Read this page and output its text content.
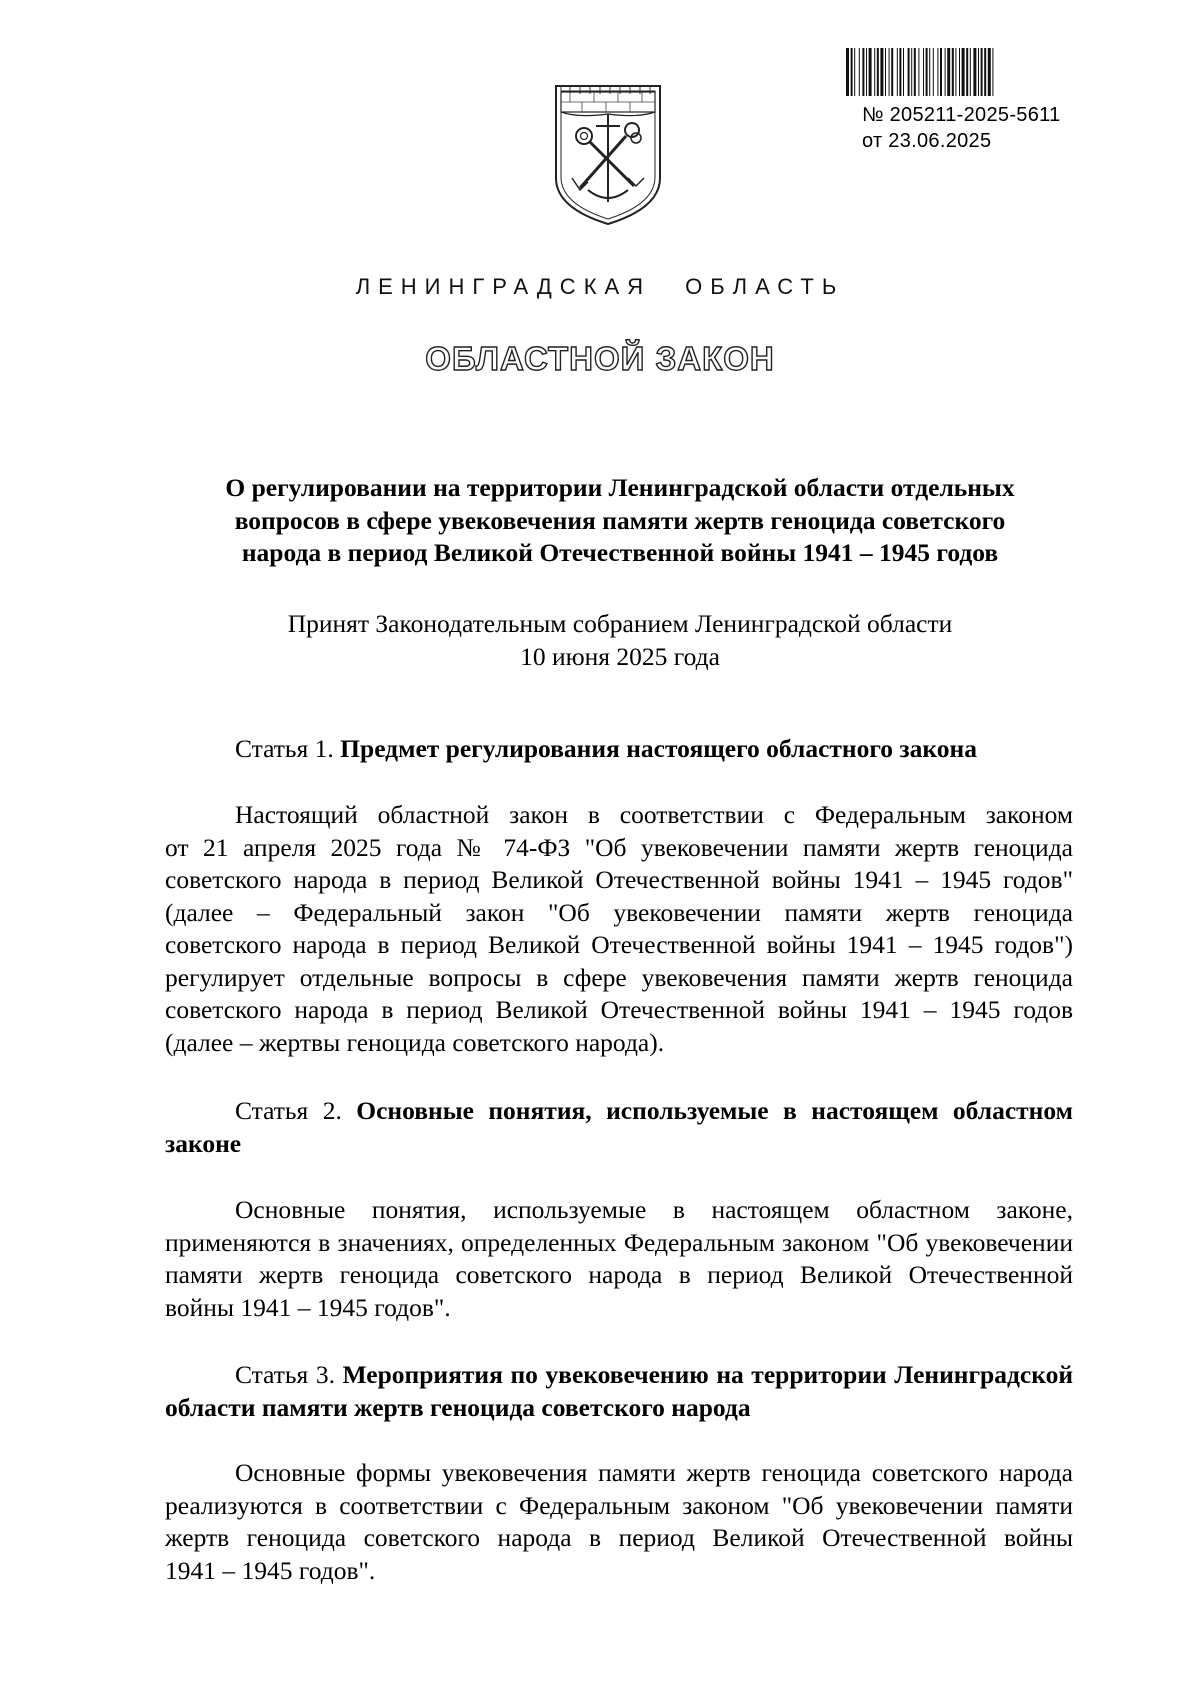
№ 205211-2025-5611
от 23.06.2025
ЛЕНИНГРАДСКАЯ ОБЛАСТЬ
ОБЛАСТНОЙ ЗАКОН
О регулировании на территории Ленинградской области отдельных
вопросов в сфере увековечения памяти жертв геноцида советского
народа в период Великой Отечественной войны 1941 – 1945 годов
Принят Законодательным собранием Ленинградской области
10 июня 2025 года
Статья 1. Предмет регулирования настоящего областного закона
Настоящий областной закон в соответствии с Федеральным законом
от 21 апреля 2025 года № 74-ФЗ "Об увековечении памяти жертв геноцида
советского народа в период Великой Отечественной войны 1941 – 1945 годов"
(далее – Федеральный закон "Об увековечении памяти жертв геноцида
советского народа в период Великой Отечественной войны 1941 – 1945 годов")
регулирует отдельные вопросы в сфере увековечения памяти жертв геноцида
советского народа в период Великой Отечественной войны 1941 – 1945 годов
(далее – жертвы геноцида советского народа).
Статья 2. Основные понятия, используемые в настоящем областном законе
Основные понятия, используемые в настоящем областном законе,
применяются в значениях, определенных Федеральным законом "Об увековечении
памяти жертв геноцида советского народа в период Великой Отечественной
войны 1941 – 1945 годов".
Статья 3. Мероприятия по увековечению на территории Ленинградской области памяти жертв геноцида советского народа
Основные формы увековечения памяти жертв геноцида советского народа
реализуются в соответствии с Федеральным законом "Об увековечении памяти
жертв геноцида советского народа в период Великой Отечественной войны
1941 – 1945 годов".
